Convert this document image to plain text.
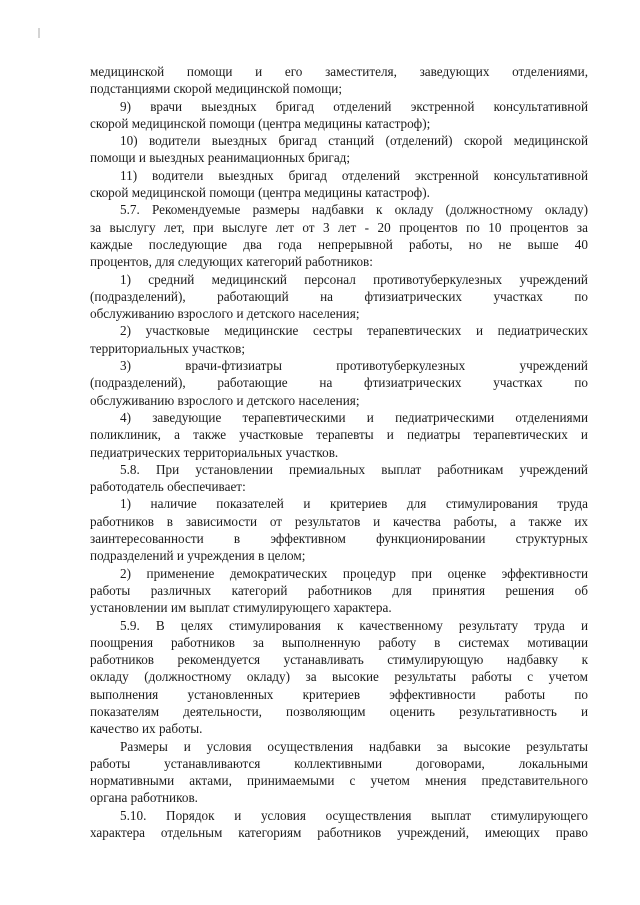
медицинской помощи и его заместителя, заведующих отделениями,
подстанциями скорой медицинской помощи;
9) врачи выездных бригад отделений экстренной консультативной
скорой медицинской помощи (центра медицины катастроф);
10) водители выездных бригад станций (отделений) скорой медицинской
помощи и выездных реанимационных бригад;
11) водители выездных бригад отделений экстренной консультативной
скорой медицинской помощи (центра медицины катастроф).
5.7. Рекомендуемые размеры надбавки к окладу (должностному окладу)
за выслугу лет, при выслуге лет от 3 лет - 20 процентов по 10 процентов за
каждые последующие два года непрерывной работы, но не выше 40
процентов, для следующих категорий работников:
1) средний медицинский персонал противотуберкулезных учреждений
(подразделений), работающий на фтизиатрических участках по
обслуживанию взрослого и детского населения;
2) участковые медицинские сестры терапевтических и педиатрических
территориальных участков;
3) врачи-фтизиатры противотуберкулезных учреждений
(подразделений), работающие на фтизиатрических участках по
обслуживанию взрослого и детского населения;
4) заведующие терапевтическими и педиатрическими отделениями
поликлиник, а также участковые терапевты и педиатры терапевтических и
педиатрических территориальных участков.
5.8. При установлении премиальных выплат работникам учреждений
работодатель обеспечивает:
1) наличие показателей и критериев для стимулирования труда
работников в зависимости от результатов и качества работы, а также их
заинтересованности в эффективном функционировании структурных
подразделений и учреждения в целом;
2) применение демократических процедур при оценке эффективности
работы различных категорий работников для принятия решения об
установлении им выплат стимулирующего характера.
5.9. В целях стимулирования к качественному результату труда и
поощрения работников за выполненную работу в системах мотивации
работников рекомендуется устанавливать стимулирующую надбавку к
окладу (должностному окладу) за высокие результаты работы с учетом
выполнения установленных критериев эффективности работы по
показателям деятельности, позволяющим оценить результативность и
качество их работы.
Размеры и условия осуществления надбавки за высокие результаты
работы устанавливаются коллективными договорами, локальными
нормативными актами, принимаемыми с учетом мнения представительного
органа работников.
5.10. Порядок и условия осуществления выплат стимулирующего
характера отдельным категориям работников учреждений, имеющих право
